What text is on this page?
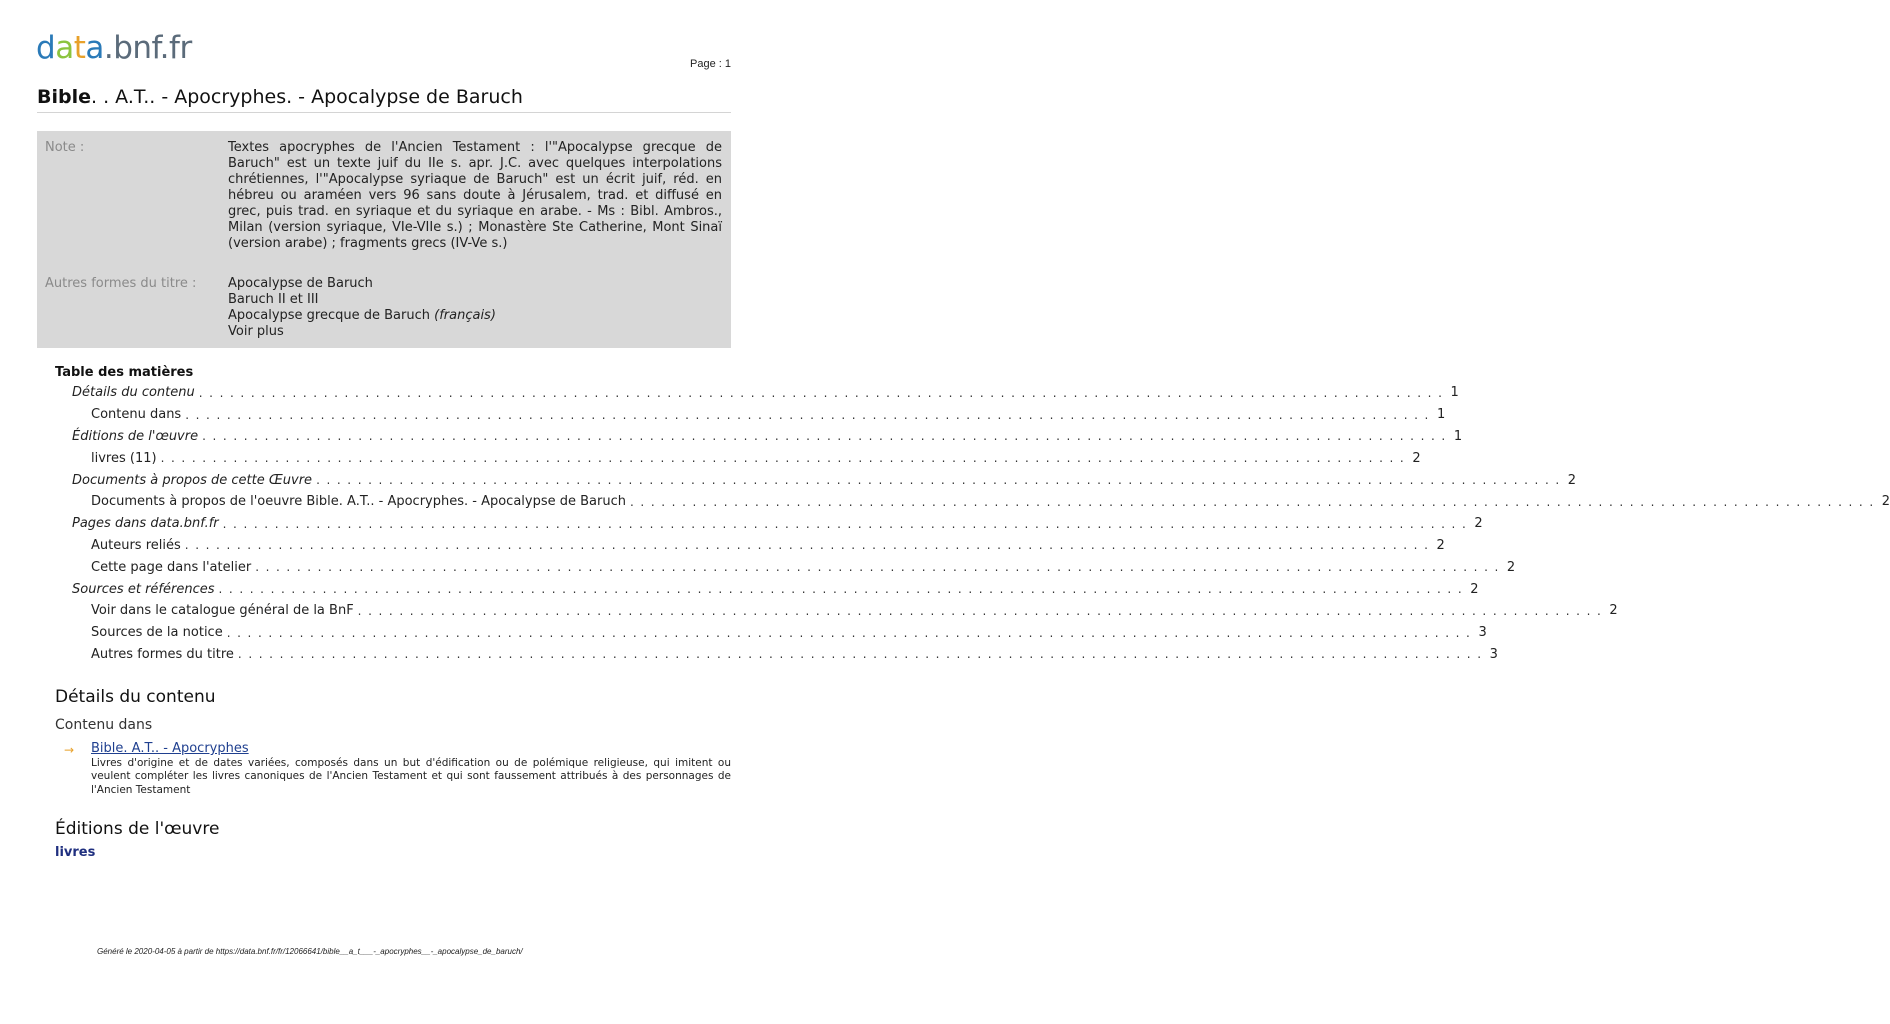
data.bnf.fr	Page : 1
Bible. . A.T.. - Apocryphes. - Apocalypse de Baruch
Note :	Textes apocryphes de l'Ancien Testament : l'"Apocalypse grecque de Baruch" est un texte juif du IIe s. apr. J.C. avec quelques interpolations chrétiennes, l'"Apocalypse syriaque de Baruch" est un écrit juif, réd. en hébreu ou araméen vers 96 sans doute à Jérusalem, trad. et diffusé en grec, puis trad. en syriaque et du syriaque en arabe. - Ms : Bibl. Ambros., Milan (version syriaque, VIe-VIIe s.) ; Monastère Ste Catherine, Mont Sinaï (version arabe) ; fragments grecs (IV-Ve s.)
Autres formes du titre :	Apocalypse de Baruch
Baruch II et III
Apocalypse grecque de Baruch (français)
Voir plus
Table des matières
Détails du contenu ........................................................................................................................ 1
Contenu dans ........................................................................................................................ 1
Éditions de l'œuvre ........................................................................................................................ 1
livres (11) ........................................................................................................................ 2
Documents à propos de cette Œuvre ........................................................................................................................ 2
Documents à propos de l'oeuvre Bible. A.T.. - Apocryphes. - Apocalypse de Baruch ........................................................................................................................ 2
Pages dans data.bnf.fr ........................................................................................................................ 2
Auteurs reliés ........................................................................................................................ 2
Cette page dans l'atelier ........................................................................................................................ 2
Sources et références ........................................................................................................................ 2
Voir dans le catalogue général de la BnF ........................................................................................................................ 2
Sources de la notice ........................................................................................................................ 3
Autres formes du titre ........................................................................................................................ 3
Détails du contenu
Contenu dans
→ Bible. A.T.. - Apocryphes
Livres d'origine et de dates variées, composés dans un but d'édification ou de polémique religieuse, qui imitent ou veulent compléter les livres canoniques de l'Ancien Testament et qui sont faussement attribués à des personnages de l'Ancien Testament
Éditions de l'œuvre
livres
Généré le 2020-04-05 à partir de https://data.bnf.fr/fr/12066641/bible__a_t___-_apocryphes__-_apocalypse_de_baruch/
